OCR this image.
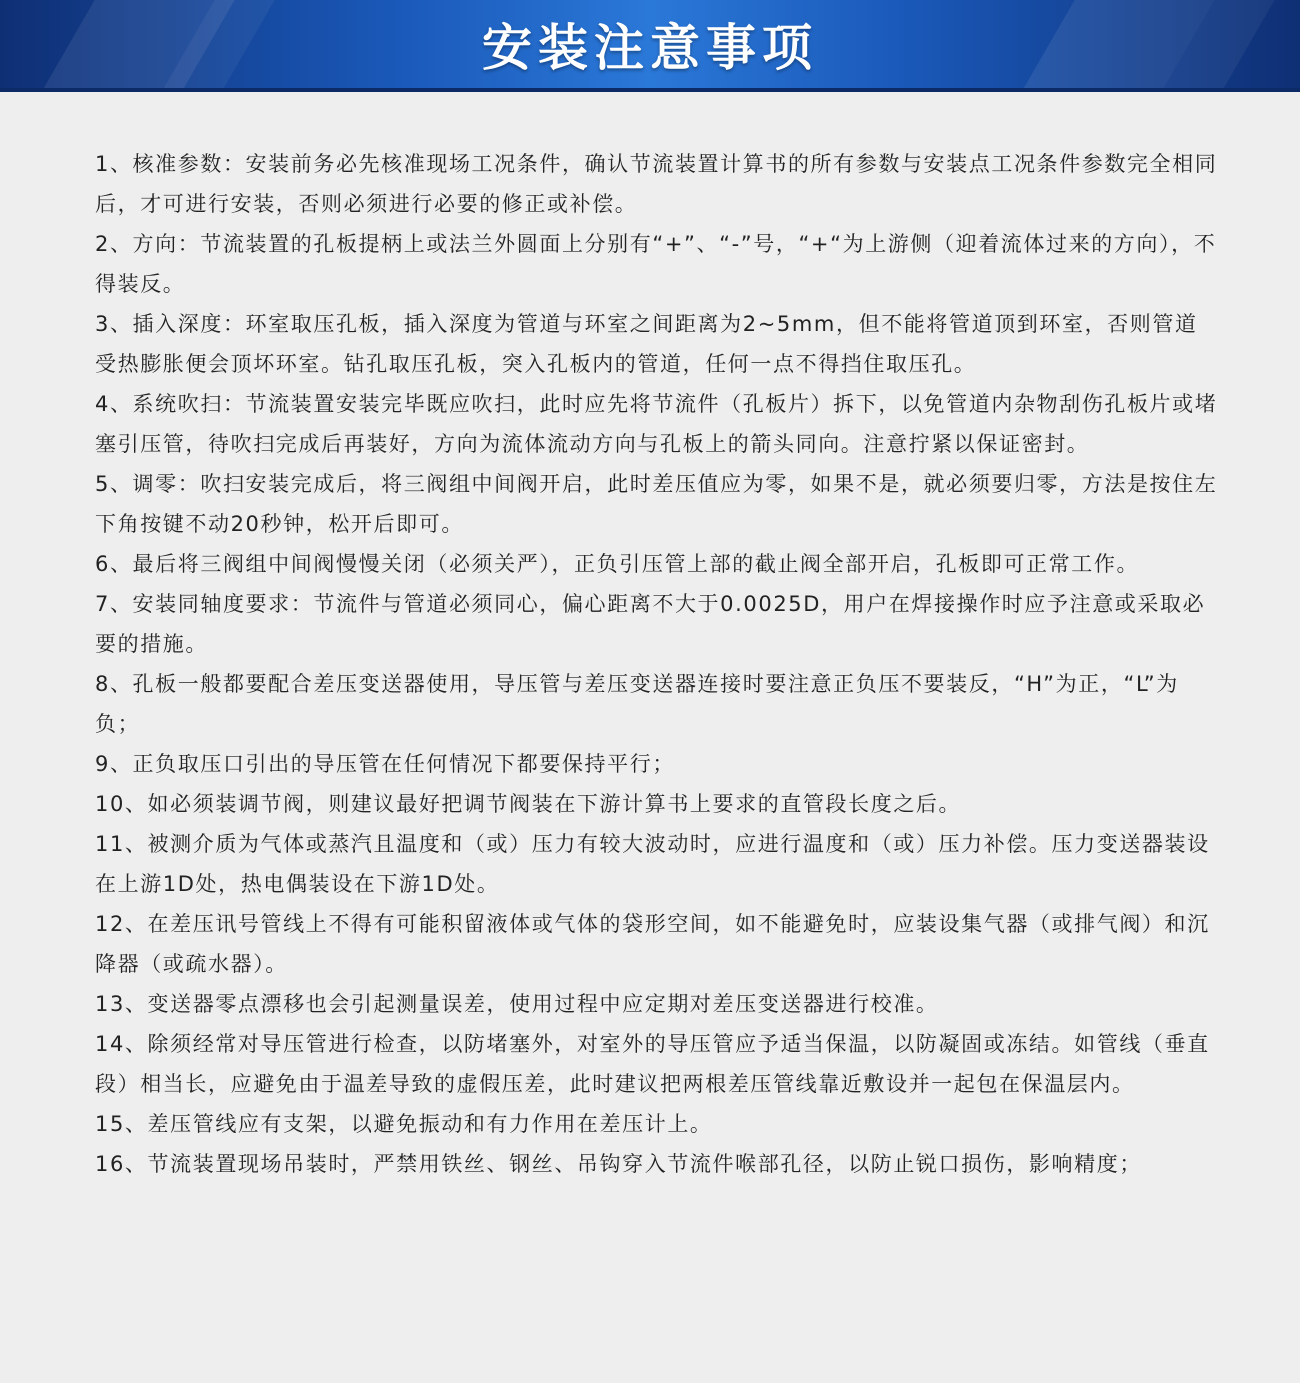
安装注意事项

1、核准参数：安装前务必先核准现场工况条件，确认节流装置计算书的所有参数与安装点工况条件参数完全相同后，才可进行安装，否则必须进行必要的修正或补偿。

2、方向：节流装置的孔板提柄上或法兰外圆面上分别有“+”、“-”号，“+“为上游侧（迎着流体过来的方向），不得装反。

3、插入深度：环室取压孔板，插入深度为管道与环室之间距离为2~5mm，但不能将管道顶到环室，否则管道受热膨胀便会顶坏环室。钻孔取压孔板，突入孔板内的管道，任何一点不得挡住取压孔。

4、系统吹扫：节流装置安装完毕既应吹扫，此时应先将节流件（孔板片）拆下，以免管道内杂物刮伤孔板片或堵塞引压管，待吹扫完成后再装好，方向为流体流动方向与孔板上的箭头同向。注意拧紧以保证密封。

5、调零：吹扫安装完成后，将三阀组中间阀开启，此时差压值应为零，如果不是，就必须要归零，方法是按住左下角按键不动20秒钟，松开后即可。

6、最后将三阀组中间阀慢慢关闭（必须关严），正负引压管上部的截止阀全部开启，孔板即可正常工作。

7、安装同轴度要求：节流件与管道必须同心，偏心距离不大于0.0025D，用户在焊接操作时应予注意或采取必要的措施。

8、孔板一般都要配合差压变送器使用，导压管与差压变送器连接时要注意正负压不要装反，“H”为正，“L”为负；

9、正负取压口引出的导压管在任何情况下都要保持平行；

10、如必须装调节阀，则建议最好把调节阀装在下游计算书上要求的直管段长度之后。

11、被测介质为气体或蒸汽且温度和（或）压力有较大波动时，应进行温度和（或）压力补偿。压力变送器装设在上游1D处，热电偶装设在下游1D处。

12、在差压讯号管线上不得有可能积留液体或气体的袋形空间，如不能避免时，应装设集气器（或排气阀）和沉降器（或疏水器）。

13、变送器零点漂移也会引起测量误差，使用过程中应定期对差压变送器进行校准。

14、除须经常对导压管进行检查，以防堵塞外，对室外的导压管应予适当保温，以防凝固或冻结。如管线（垂直段）相当长，应避免由于温差导致的虚假压差，此时建议把两根差压管线靠近敷设并一起包在保温层内。

15、差压管线应有支架，以避免振动和有力作用在差压计上。

16、节流装置现场吊装时，严禁用铁丝、钢丝、吊钩穿入节流件喉部孔径，以防止锐口损伤，影响精度；
